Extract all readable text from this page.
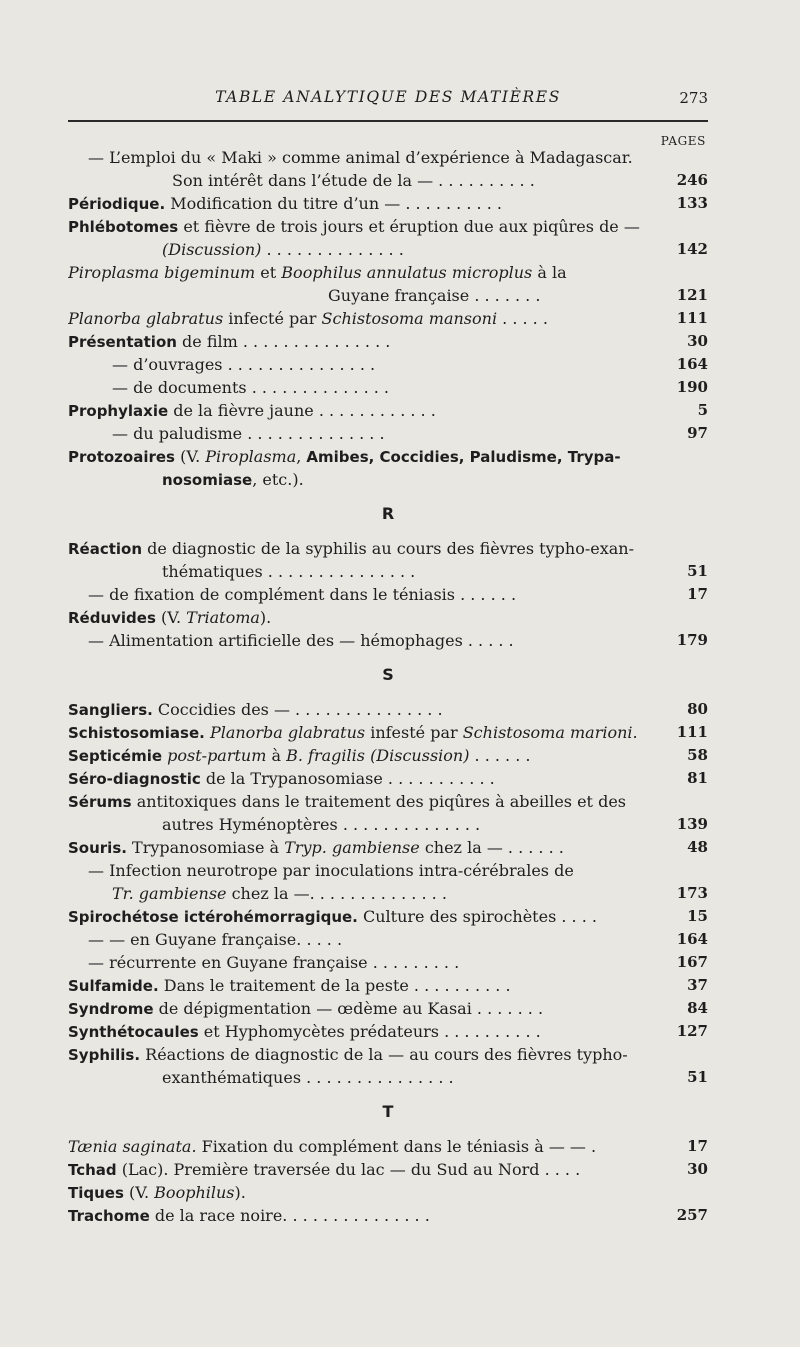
TABLE ANALYTIQUE DES MATIÈRES	273
PAGES
— L’emploi du « Maki » comme animal d’expérience à Madagascar.
Son intérêt dans l’étude de la — . . . . . . . . . .	246
Périodique. Modification du titre d’un — . . . . . . . . . .	133
Phlébotomes et fièvre de trois jours et éruption due aux piqûres de —
(Discussion) . . . . . . . . . . . . . .	142
Piroplasma bigeminum et Boophilus annulatus microplus à la
Guyane française . . . . . . .	121
Planorba glabratus infecté par Schistosoma mansoni . . . . .	111
Présentation de film . . . . . . . . . . . . . . .	30
— d’ouvrages . . . . . . . . . . . . . . .	164
— de documents . . . . . . . . . . . . . .	190
Prophylaxie de la fièvre jaune . . . . . . . . . . . .	5
— du paludisme . . . . . . . . . . . . . .	97
Protozoaires (V. Piroplasma, Amibes, Coccidies, Paludisme, Trypa-
nosomiase, etc.).
R
Réaction de diagnostic de la syphilis au cours des fièvres typho-exan-
thématiques . . . . . . . . . . . . . . .	51
— de fixation de complément dans le téniasis . . . . . .	17
Réduvides (V. Triatoma).
— Alimentation artificielle des — hémophages . . . . .	179
S
Sangliers. Coccidies des — . . . . . . . . . . . . . . .	80
Schistosomiase. Planorba glabratus infesté par Schistosoma marioni.	111
Septicémie post-partum à B. fragilis (Discussion) . . . . . .	58
Séro-diagnostic de la Trypanosomiase . . . . . . . . . . .	81
Sérums antitoxiques dans le traitement des piqûres à abeilles et des
autres Hyménoptères . . . . . . . . . . . . . .	139
Souris. Trypanosomiase à Tryp. gambiense chez la — . . . . . .	48
— Infection neurotrope par inoculations intra-cérébrales de
Tr. gambiense chez la —. . . . . . . . . . . . . .	173
Spirochétose ictérohémorragique. Culture des spirochètes . . . .	15
— — en Guyane française. . . . .	164
— récurrente en Guyane française . . . . . . . . .	167
Sulfamide. Dans le traitement de la peste . . . . . . . . . .	37
Syndrome de dépigmentation — œdème au Kasai . . . . . . .	84
Synthétocaules et Hyphomycètes prédateurs . . . . . . . . . .	127
Syphilis. Réactions de diagnostic de la — au cours des fièvres typho-
exanthématiques . . . . . . . . . . . . . . .	51
T
Tænia saginata. Fixation du complément dans le téniasis à — — .	17
Tchad (Lac). Première traversée du lac — du Sud au Nord . . . .	30
Tiques (V. Boophilus).
Trachome de la race noire. . . . . . . . . . . . . . .	257
